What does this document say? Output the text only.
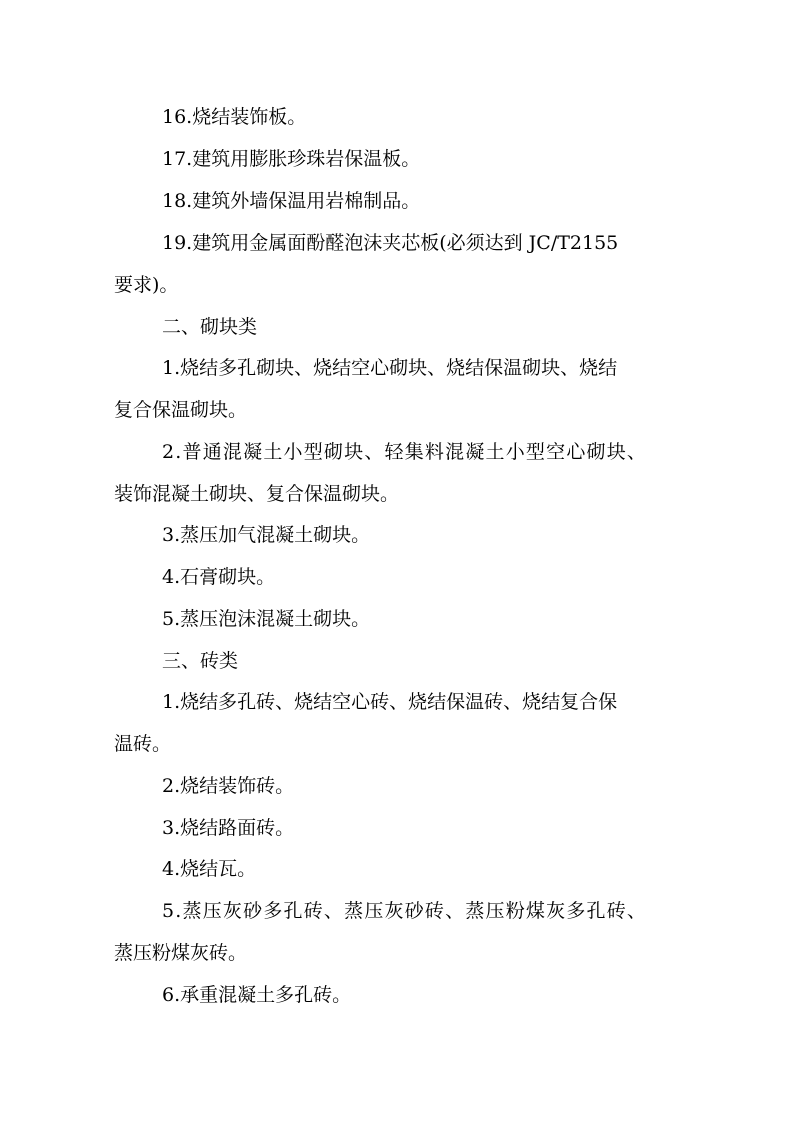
16.烧结装饰板。
17.建筑用膨胀珍珠岩保温板。
18.建筑外墙保温用岩棉制品。
19.建筑用金属面酚醛泡沫夹芯板(必须达到 JC/T2155
要求)。
二、砌块类
1.烧结多孔砌块、烧结空心砌块、烧结保温砌块、烧结
复合保温砌块。
2.普通混凝土小型砌块、轻集料混凝土小型空心砌块、
装饰混凝土砌块、复合保温砌块。
3.蒸压加气混凝土砌块。
4.石膏砌块。
5.蒸压泡沫混凝土砌块。
三、砖类
1.烧结多孔砖、烧结空心砖、烧结保温砖、烧结复合保
温砖。
2.烧结装饰砖。
3.烧结路面砖。
4.烧结瓦。
5.蒸压灰砂多孔砖、蒸压灰砂砖、蒸压粉煤灰多孔砖、
蒸压粉煤灰砖。
6.承重混凝土多孔砖。
